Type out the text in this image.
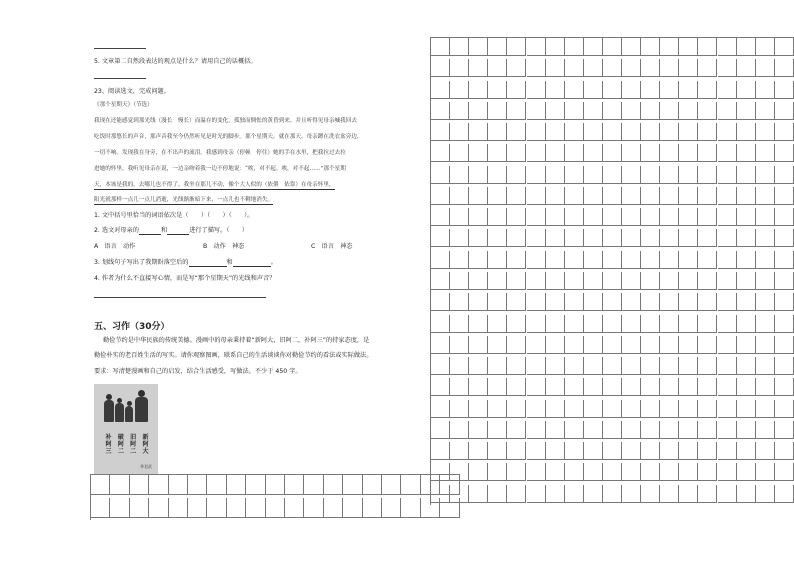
5. 文章第二自然段表达的观点是什么？请用自己的话概括。
23、阅读选文，完成问题。
《那个星期天》（节选）
我现在还能感觉到那光线（漫长　慢长）而温存的变化，孤独而惆怅的黄昏到来。并且听得见母亲喊我回去
吃饭时那悠长的声音，那声音我至今仍然听见是时光的脚步。那个星期天。就在那天。母亲蹲在洗衣盆旁边，
一切不响。发现我在身旁，在不出声的流泪。我感到母亲（停顿　停住）她的手在水里，把我拉过去拉
进她的怀里，我听见母亲在说，一边亲吻着我一边不停地说：“唉，对不起。唉，对不起……”那个星期
天，本该是我的，去哪儿也不得了。我坐在那儿不动，像个大人似的（依偎　依靠）在母亲怀里，
阳光就那样一点儿一点儿消逝，光线渐渐暗下来，一点儿也不剩地消失。
1. 文中括号里恰当的词语依次是（　　）（　　）（　　）。
2. 选文对母亲的	和	进行了描写。（　　）
A　语言　动作	B　动作　神态	C　语言　神态
3. 划线句子写出了我期盼落空后的	和	。
4. 作者为什么不直接写心情，而是写“那个星期天”的光线和声音？
五、习作（30分）
勤俭节约是中华民族的传统美德。漫画中的母亲秉持着“新阿大，旧阿二，补阿三”的持家态度，是
勤俭朴实的老百姓生活的写实。请你观察图画，联系自己的生活谈谈你对勤俭节约的看法或实际做法。
要求：写清楚漫画和自己的启发，结合生活感受，写做法。不少于 450 字。
补阿三
破阿二
旧阿二
新阿大
华君武
